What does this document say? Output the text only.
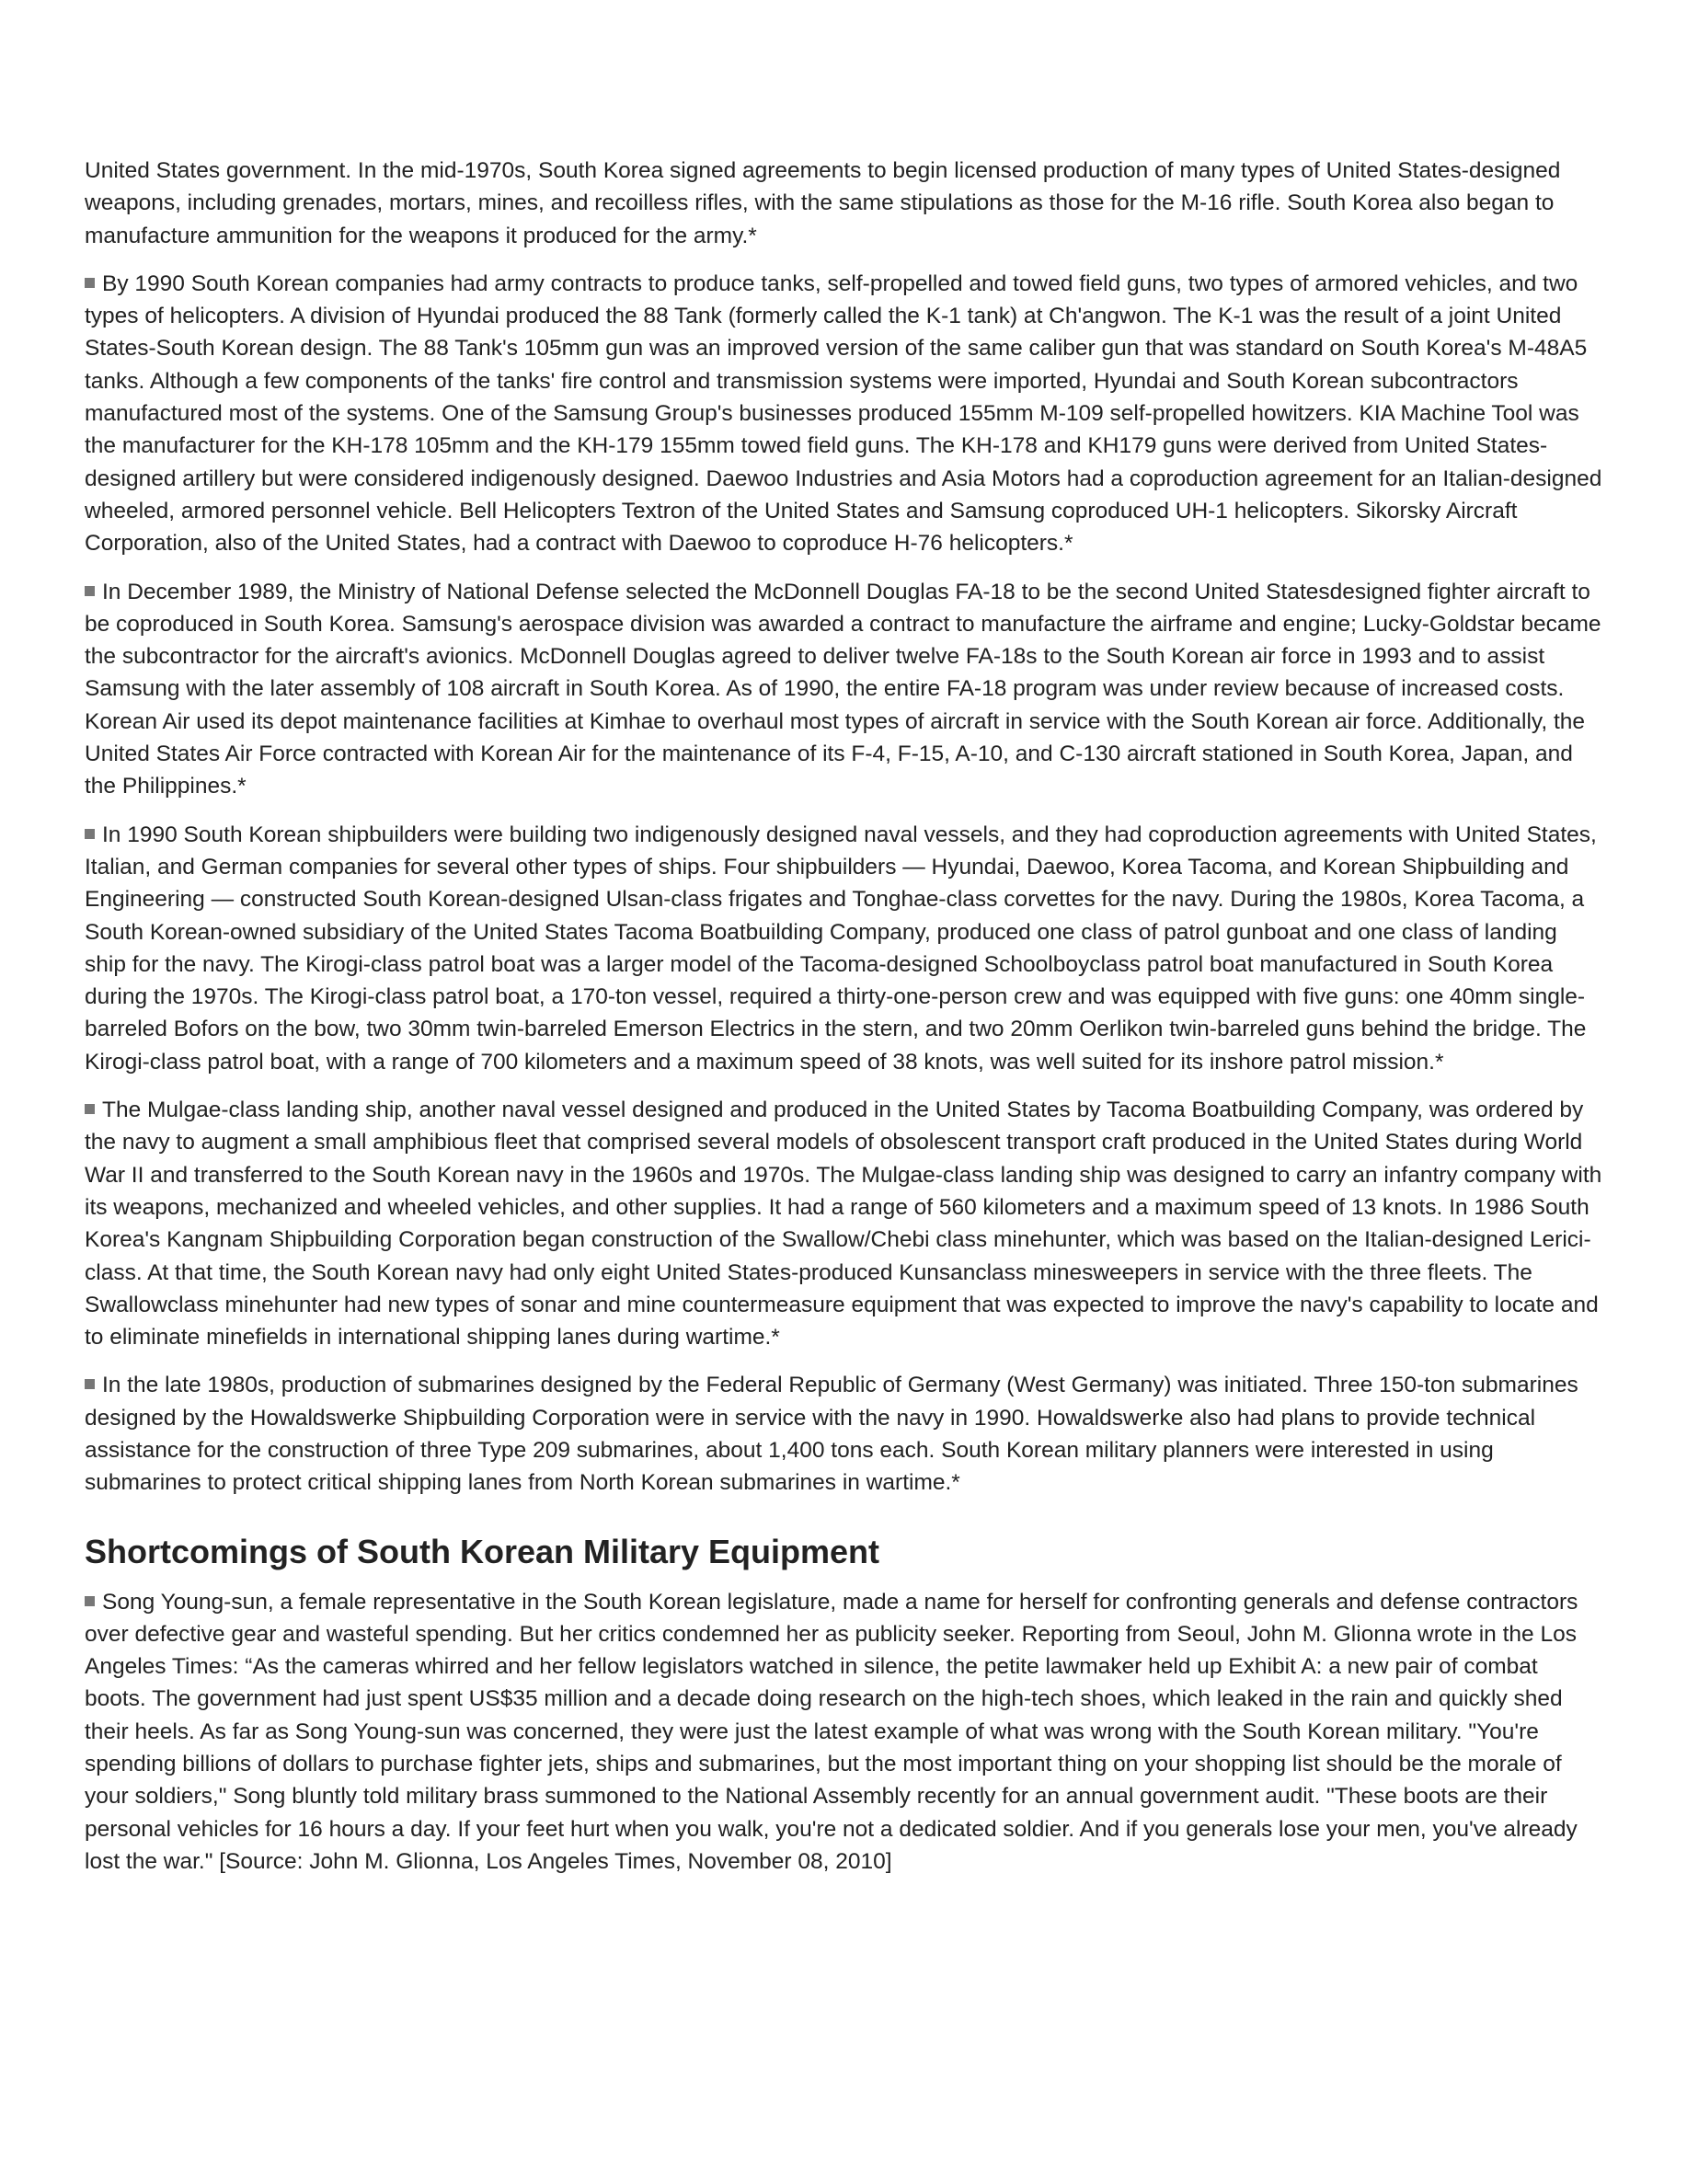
United States government. In the mid-1970s, South Korea signed agreements to begin licensed production of many types of United States-designed weapons, including grenades, mortars, mines, and recoilless rifles, with the same stipulations as those for the M-16 rifle. South Korea also began to manufacture ammunition for the weapons it produced for the army.*

By 1990 South Korean companies had army contracts to produce tanks, self-propelled and towed field guns, two types of armored vehicles, and two types of helicopters. A division of Hyundai produced the 88 Tank (formerly called the K-1 tank) at Ch'angwon. The K-1 was the result of a joint United States-South Korean design. The 88 Tank's 105mm gun was an improved version of the same caliber gun that was standard on South Korea's M-48A5 tanks. Although a few components of the tanks' fire control and transmission systems were imported, Hyundai and South Korean subcontractors manufactured most of the systems. One of the Samsung Group's businesses produced 155mm M-109 self-propelled howitzers. KIA Machine Tool was the manufacturer for the KH-178 105mm and the KH-179 155mm towed field guns. The KH-178 and KH179 guns were derived from United States-designed artillery but were considered indigenously designed. Daewoo Industries and Asia Motors had a coproduction agreement for an Italian-designed wheeled, armored personnel vehicle. Bell Helicopters Textron of the United States and Samsung coproduced UH-1 helicopters. Sikorsky Aircraft Corporation, also of the United States, had a contract with Daewoo to coproduce H-76 helicopters.*

In December 1989, the Ministry of National Defense selected the McDonnell Douglas FA-18 to be the second United Statesdesigned fighter aircraft to be coproduced in South Korea. Samsung's aerospace division was awarded a contract to manufacture the airframe and engine; Lucky-Goldstar became the subcontractor for the aircraft's avionics. McDonnell Douglas agreed to deliver twelve FA-18s to the South Korean air force in 1993 and to assist Samsung with the later assembly of 108 aircraft in South Korea. As of 1990, the entire FA-18 program was under review because of increased costs. Korean Air used its depot maintenance facilities at Kimhae to overhaul most types of aircraft in service with the South Korean air force. Additionally, the United States Air Force contracted with Korean Air for the maintenance of its F-4, F-15, A-10, and C-130 aircraft stationed in South Korea, Japan, and the Philippines.*

In 1990 South Korean shipbuilders were building two indigenously designed naval vessels, and they had coproduction agreements with United States, Italian, and German companies for several other types of ships. Four shipbuilders — Hyundai, Daewoo, Korea Tacoma, and Korean Shipbuilding and Engineering — constructed South Korean-designed Ulsan-class frigates and Tonghae-class corvettes for the navy. During the 1980s, Korea Tacoma, a South Korean-owned subsidiary of the United States Tacoma Boatbuilding Company, produced one class of patrol gunboat and one class of landing ship for the navy. The Kirogi-class patrol boat was a larger model of the Tacoma-designed Schoolboyclass patrol boat manufactured in South Korea during the 1970s. The Kirogi-class patrol boat, a 170-ton vessel, required a thirty-one-person crew and was equipped with five guns: one 40mm single-barreled Bofors on the bow, two 30mm twin-barreled Emerson Electrics in the stern, and two 20mm Oerlikon twin-barreled guns behind the bridge. The Kirogi-class patrol boat, with a range of 700 kilometers and a maximum speed of 38 knots, was well suited for its inshore patrol mission.*

The Mulgae-class landing ship, another naval vessel designed and produced in the United States by Tacoma Boatbuilding Company, was ordered by the navy to augment a small amphibious fleet that comprised several models of obsolescent transport craft produced in the United States during World War II and transferred to the South Korean navy in the 1960s and 1970s. The Mulgae-class landing ship was designed to carry an infantry company with its weapons, mechanized and wheeled vehicles, and other supplies. It had a range of 560 kilometers and a maximum speed of 13 knots. In 1986 South Korea's Kangnam Shipbuilding Corporation began construction of the Swallow/Chebi class minehunter, which was based on the Italian-designed Lerici-class. At that time, the South Korean navy had only eight United States-produced Kunsanclass minesweepers in service with the three fleets. The Swallowclass minehunter had new types of sonar and mine countermeasure equipment that was expected to improve the navy's capability to locate and to eliminate minefields in international shipping lanes during wartime.*

In the late 1980s, production of submarines designed by the Federal Republic of Germany (West Germany) was initiated. Three 150-ton submarines designed by the Howaldswerke Shipbuilding Corporation were in service with the navy in 1990. Howaldswerke also had plans to provide technical assistance for the construction of three Type 209 submarines, about 1,400 tons each. South Korean military planners were interested in using submarines to protect critical shipping lanes from North Korean submarines in wartime.*

Shortcomings of South Korean Military Equipment

Song Young-sun, a female representative in the South Korean legislature, made a name for herself for confronting generals and defense contractors over defective gear and wasteful spending. But her critics condemned her as publicity seeker. Reporting from Seoul, John M. Glionna wrote in the Los Angeles Times: “As the cameras whirred and her fellow legislators watched in silence, the petite lawmaker held up Exhibit A: a new pair of combat boots. The government had just spent US$35 million and a decade doing research on the high-tech shoes, which leaked in the rain and quickly shed their heels. As far as Song Young-sun was concerned, they were just the latest example of what was wrong with the South Korean military. "You're spending billions of dollars to purchase fighter jets, ships and submarines, but the most important thing on your shopping list should be the morale of your soldiers," Song bluntly told military brass summoned to the National Assembly recently for an annual government audit. "These boots are their personal vehicles for 16 hours a day. If your feet hurt when you walk, you're not a dedicated soldier. And if you generals lose your men, you've already lost the war." [Source: John M. Glionna, Los Angeles Times, November 08, 2010]
